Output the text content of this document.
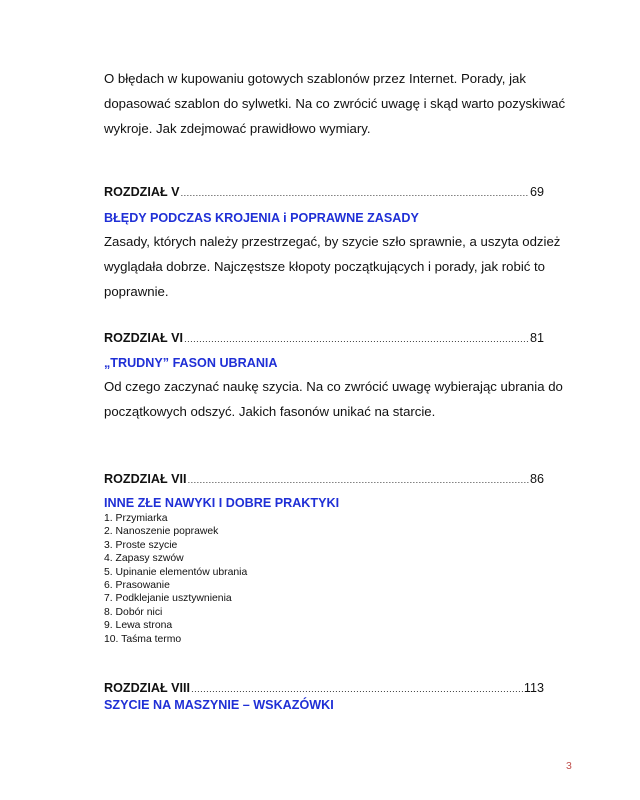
O błędach w kupowaniu gotowych szablonów przez Internet. Porady, jak
dopasować szablon do sylwetki. Na co zwrócić uwagę i skąd warto pozyskiwać
wykroje. Jak zdejmować prawidłowo wymiary.

ROZDZIAŁ V .....	69
BŁĘDY PODCZAS KROJENIA i POPRAWNE ZASADY

Zasady, których należy przestrzegać, by szycie szło sprawnie, a uszyta odzież
wyglądała dobrze. Najczęstsze kłopoty początkujących i porady, jak robić to
poprawnie.

ROZDZIAŁ VI .....	81
„TRUDNY” FASON UBRANIA

Od czego zaczynać naukę szycia. Na co zwrócić uwagę wybierając ubrania do
początkowych odszyć. Jakich fasonów unikać na starcie.

ROZDZIAŁ VII .....	86
INNE ZŁE NAWYKI I DOBRE PRAKTYKI
1. Przymiarka
2. Nanoszenie poprawek
3. Proste szycie
4. Zapasy szwów
5. Upinanie elementów ubrania
6. Prasowanie
7. Podklejanie usztywnienia
8. Dobór nici
9. Lewa strona
10. Taśma termo
ROZDZIAŁ VIII .....	113
SZYCIE NA MASZYNIE – WSKAZÓWKI
3
